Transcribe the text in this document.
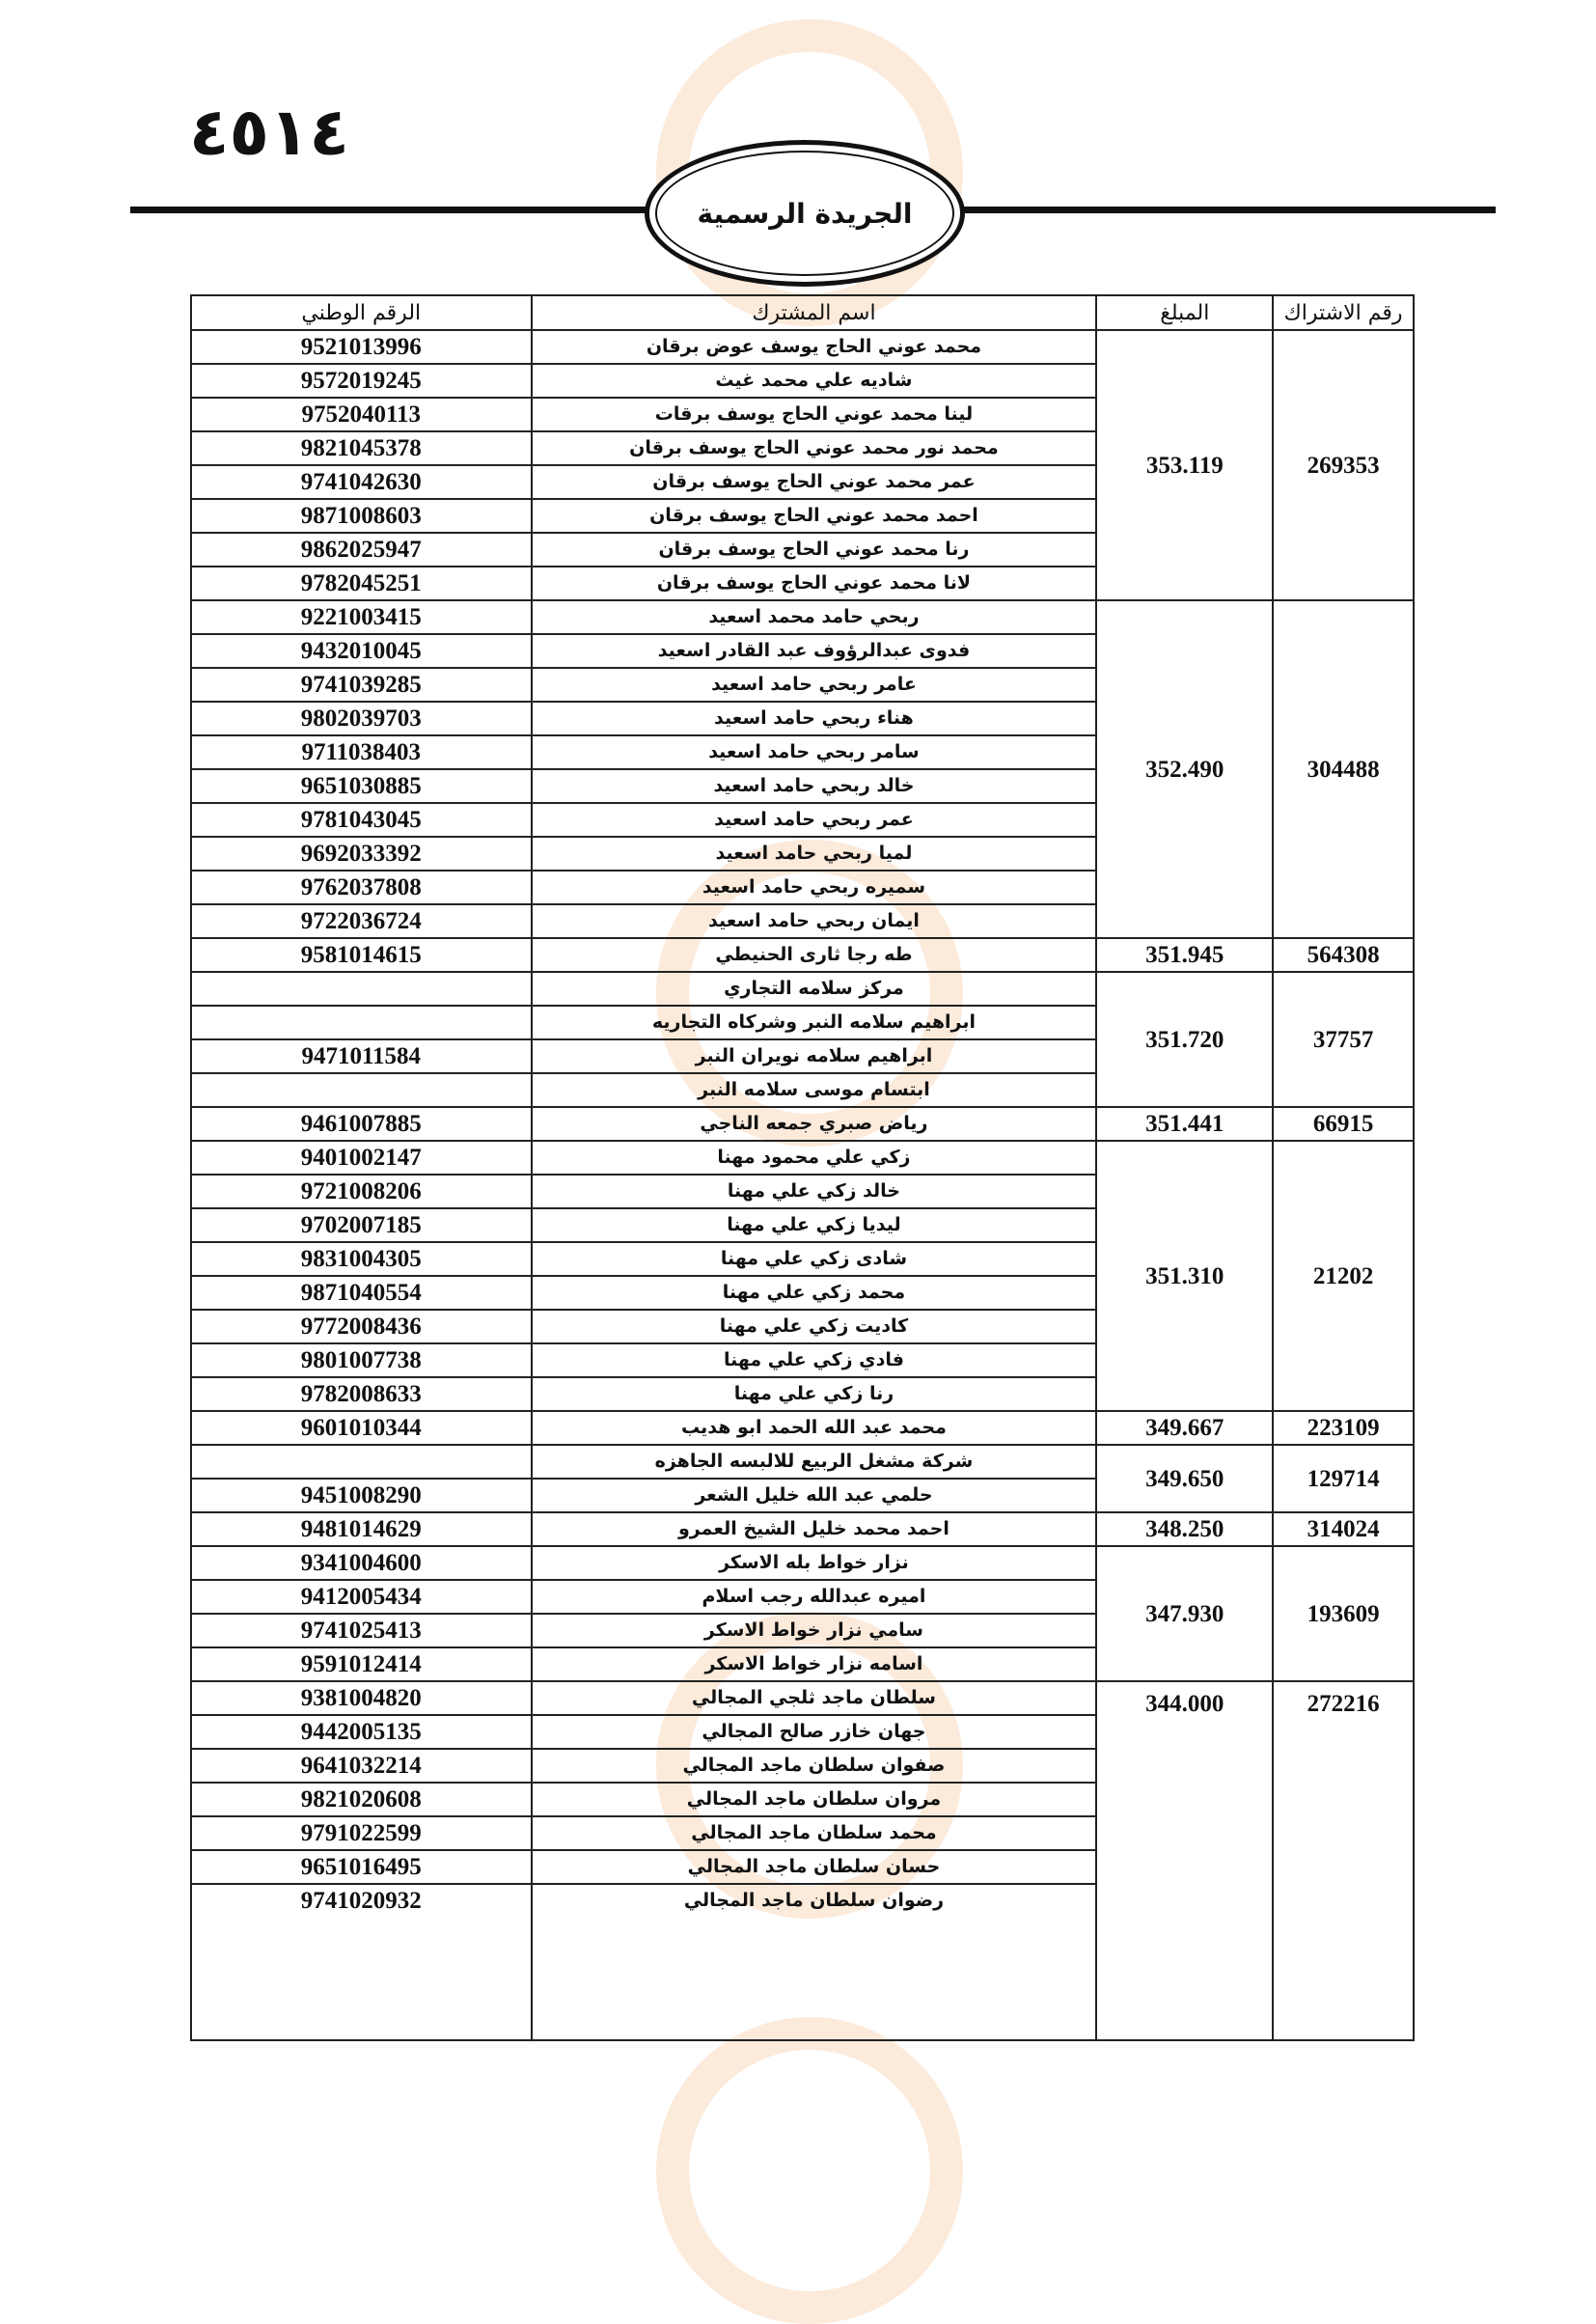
٤٥١٤
الجريدة الرسمية
رقم الاشتراك	المبلغ	اسم المشترك	الرقم الوطني
269353	353.119	محمد عوني الحاج يوسف عوض برقان	9521013996
		شاديه علي محمد غيث	9572019245
		لينا محمد عوني الحاج يوسف برقات	9752040113
		محمد نور محمد عوني الحاج يوسف برقان	9821045378
		عمر محمد عوني الحاج يوسف برقان	9741042630
		احمد محمد عوني الحاج يوسف برقان	9871008603
		رنا محمد عوني الحاج يوسف برقان	9862025947
		لانا محمد عوني الحاج يوسف برقان	9782045251
304488	352.490	ربحي حامد محمد اسعيد	9221003415
		فدوى عبدالرؤوف عبد القادر اسعيد	9432010045
		عامر ربحي حامد اسعيد	9741039285
		هناء ربحي حامد اسعيد	9802039703
		سامر ربحي حامد اسعيد	9711038403
		خالد ربحي حامد اسعيد	9651030885
		عمر ربحي حامد اسعيد	9781043045
		لميا ربحي حامد اسعيد	9692033392
		سميره ربحي حامد اسعيد	9762037808
		ايمان ربحي حامد اسعيد	9722036724
564308	351.945	طه رجا ثارى الحنيطي	9581014615
37757	351.720	مركز سلامه التجاري	
		ابراهيم سلامه النبر وشركاه التجاريه	
		ابراهيم سلامه نويران النبر	9471011584
		ابتسام موسى سلامه النبر	
66915	351.441	رياض صبري جمعه الناجي	9461007885
21202	351.310	زكي علي محمود مهنا	9401002147
		خالد زكي علي مهنا	9721008206
		ليديا زكي علي مهنا	9702007185
		شادى زكي علي مهنا	9831004305
		محمد زكي علي مهنا	9871040554
		كاديت زكي علي مهنا	9772008436
		فادي زكي علي مهنا	9801007738
		رنا زكي علي مهنا	9782008633
223109	349.667	محمد عبد الله الحمد ابو هديب	9601010344
129714	349.650	شركة مشغل الربيع للالبسه الجاهزه	
		حلمي عبد الله خليل الشعر	9451008290
314024	348.250	احمد محمد خليل الشيخ العمرو	9481014629
193609	347.930	نزار خواط بله الاسكر	9341004600
		اميره عبدالله رجب اسلام	9412005434
		سامي نزار خواط الاسكر	9741025413
		اسامه نزار خواط الاسكر	9591012414
272216	344.000	سلطان ماجد ثلجي المجالي	9381004820
		جهان خازر صالح المجالي	9442005135
		صفوان سلطان ماجد المجالي	9641032214
		مروان سلطان ماجد المجالي	9821020608
		محمد سلطان ماجد المجالي	9791022599
		حسان سلطان ماجد المجالي	9651016495
		رضوان سلطان ماجد المجالي	9741020932
